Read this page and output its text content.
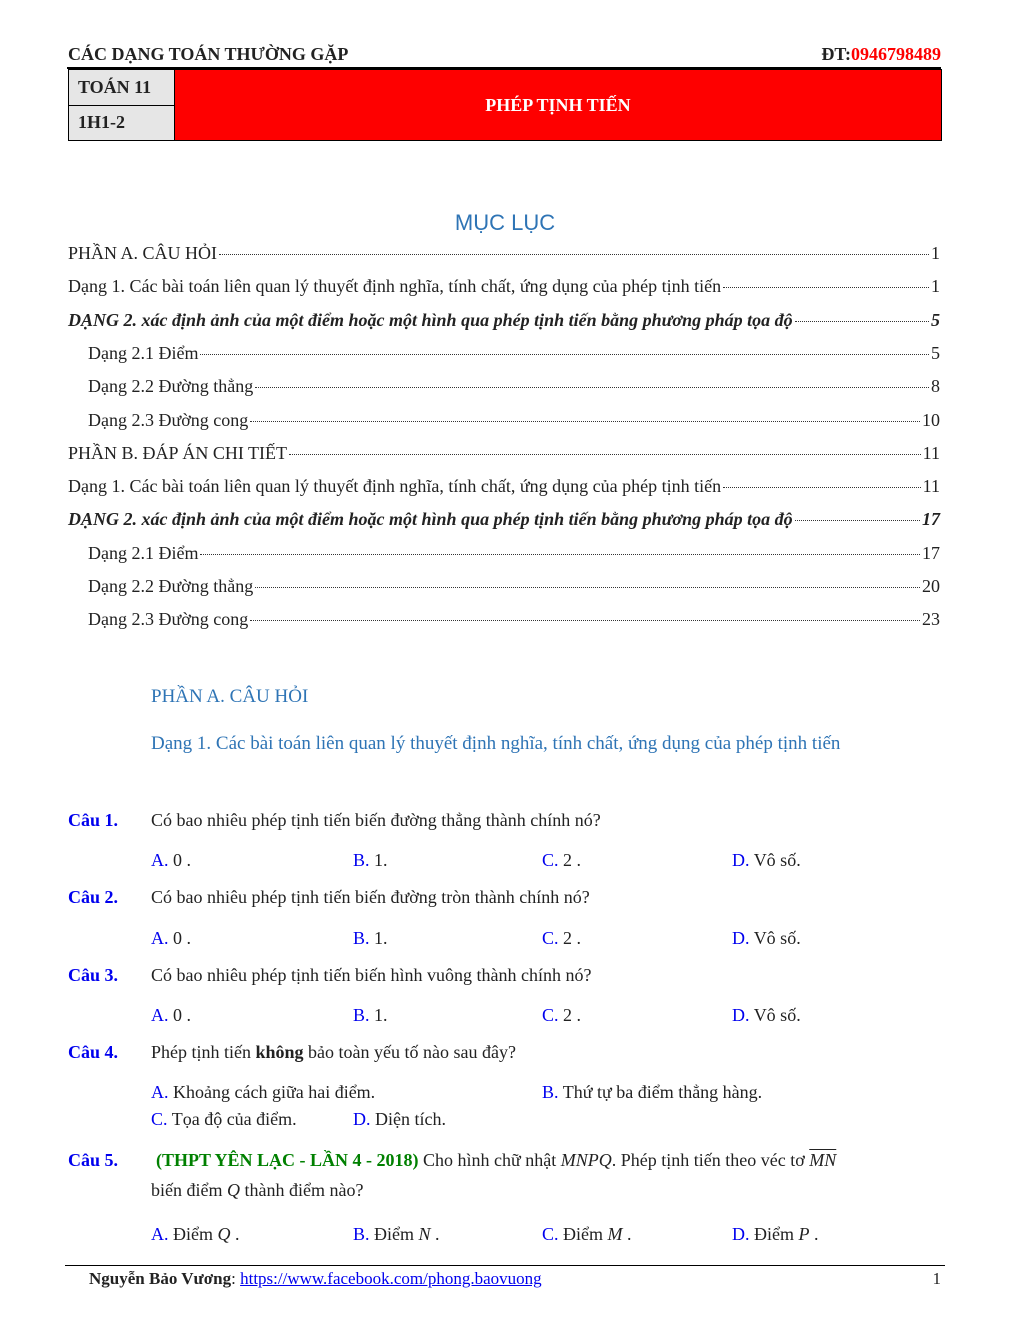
CÁC DẠNG TOÁN THƯỜNG GẶP	ĐT:0946798489
TOÁN 11
1H1-2
PHÉP TỊNH TIẾN
MỤC LỤC
PHẦN A. CÂU HỎI	1
Dạng 1. Các bài toán liên quan lý thuyết định nghĩa, tính chất, ứng dụng của phép tịnh tiến	1
DẠNG 2. xác định ảnh của một điểm hoặc một hình qua phép tịnh tiến bằng phương pháp tọa độ	5
Dạng 2.1 Điểm	5
Dạng 2.2 Đường thẳng	8
Dạng 2.3 Đường cong	10
PHẦN B. ĐÁP ÁN CHI TIẾT	11
Dạng 1. Các bài toán liên quan lý thuyết định nghĩa, tính chất, ứng dụng của phép tịnh tiến	11
DẠNG 2. xác định ảnh của một điểm hoặc một hình qua phép tịnh tiến bằng phương pháp tọa độ	17
Dạng 2.1 Điểm	17
Dạng 2.2 Đường thẳng	20
Dạng 2.3 Đường cong	23
PHẦN A. CÂU HỎI
Dạng 1. Các bài toán liên quan lý thuyết định nghĩa, tính chất, ứng dụng của phép tịnh tiến
Câu 1. Có bao nhiêu phép tịnh tiến biến đường thẳng thành chính nó?
A. 0 .	B. 1.	C. 2 .	D. Vô số.
Câu 2. Có bao nhiêu phép tịnh tiến biến đường tròn thành chính nó?
A. 0 .	B. 1.	C. 2 .	D. Vô số.
Câu 3. Có bao nhiêu phép tịnh tiến biến hình vuông thành chính nó?
A. 0 .	B. 1.	C. 2 .	D. Vô số.
Câu 4. Phép tịnh tiến không bảo toàn yếu tố nào sau đây?
A. Khoảng cách giữa hai điểm.	B. Thứ tự ba điểm thẳng hàng.
C. Tọa độ của điểm.	D. Diện tích.
Câu 5. (THPT YÊN LẠC - LẦN 4 - 2018) Cho hình chữ nhật MNPQ. Phép tịnh tiến theo véc tơ $\overline{MN}$
biến điểm Q thành điểm nào?
A. Điểm Q .	B. Điểm N .	C. Điểm M .	D. Điểm P .
Nguyễn Bảo Vương: https://www.facebook.com/phong.baovuong	1
